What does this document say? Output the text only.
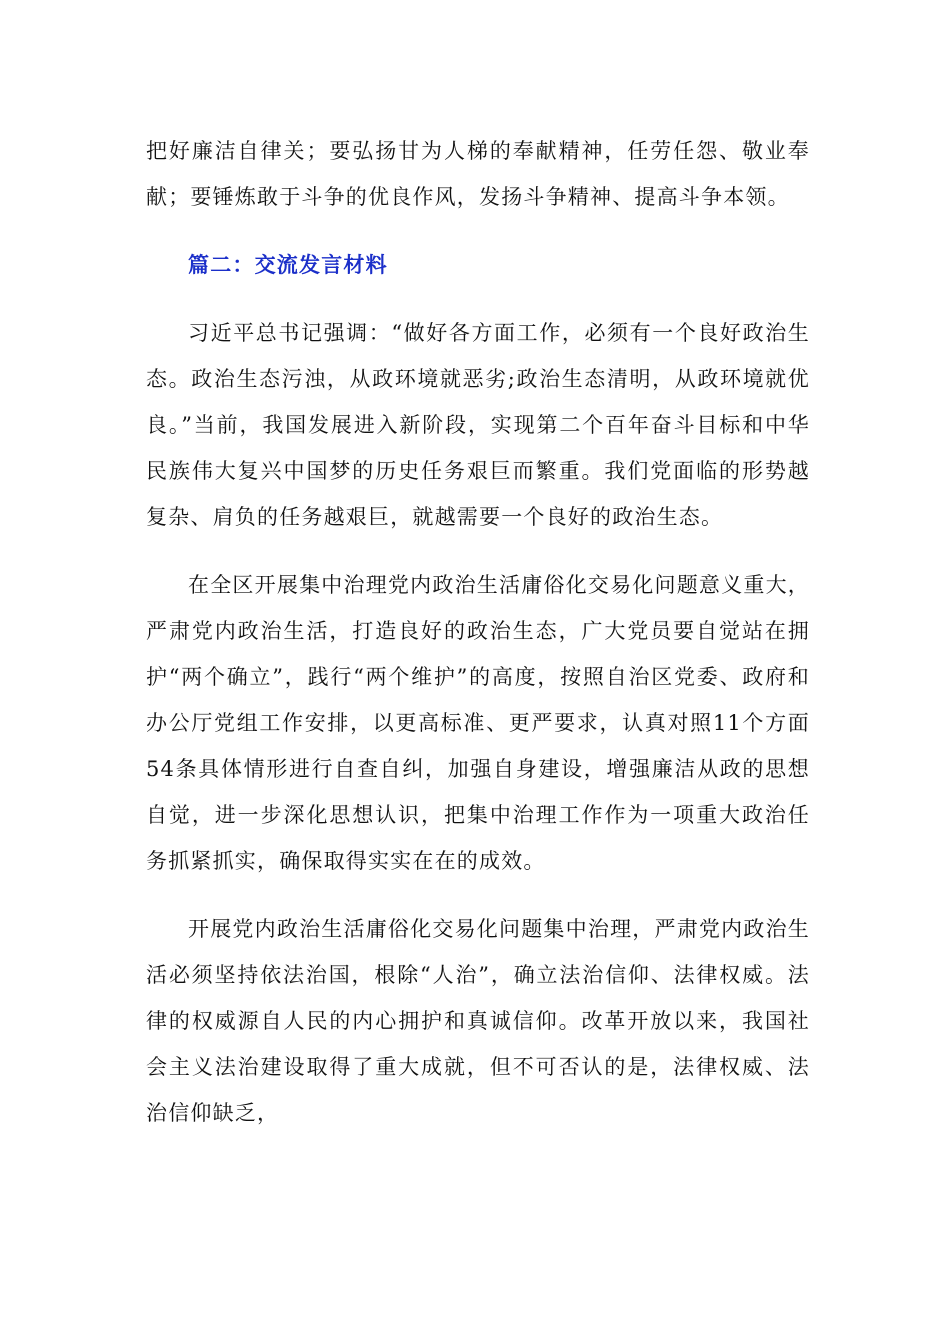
把好廉洁自律关；要弘扬甘为人梯的奉献精神，任劳任怨、敬业奉献；要锤炼敢于斗争的优良作风，发扬斗争精神、提高斗争本领。

篇二：交流发言材料

习近平总书记强调：“做好各方面工作，必须有一个良好政治生态。政治生态污浊，从政环境就恶劣;政治生态清明，从政环境就优良。”当前，我国发展进入新阶段，实现第二个百年奋斗目标和中华民族伟大复兴中国梦的历史任务艰巨而繁重。我们党面临的形势越复杂、肩负的任务越艰巨，就越需要一个良好的政治生态。

在全区开展集中治理党内政治生活庸俗化交易化问题意义重大，严肃党内政治生活，打造良好的政治生态，广大党员要自觉站在拥护“两个确立”，践行“两个维护”的高度，按照自治区党委、政府和办公厅党组工作安排，以更高标准、更严要求，认真对照11个方面54条具体情形进行自查自纠，加强自身建设，增强廉洁从政的思想自觉，进一步深化思想认识，把集中治理工作作为一项重大政治任务抓紧抓实，确保取得实实在在的成效。

开展党内政治生活庸俗化交易化问题集中治理，严肃党内政治生活必须坚持依法治国，根除“人治”，确立法治信仰、法律权威。法律的权威源自人民的内心拥护和真诚信仰。改革开放以来，我国社会主义法治建设取得了重大成就，但不可否认的是，法律权威、法治信仰缺乏，
